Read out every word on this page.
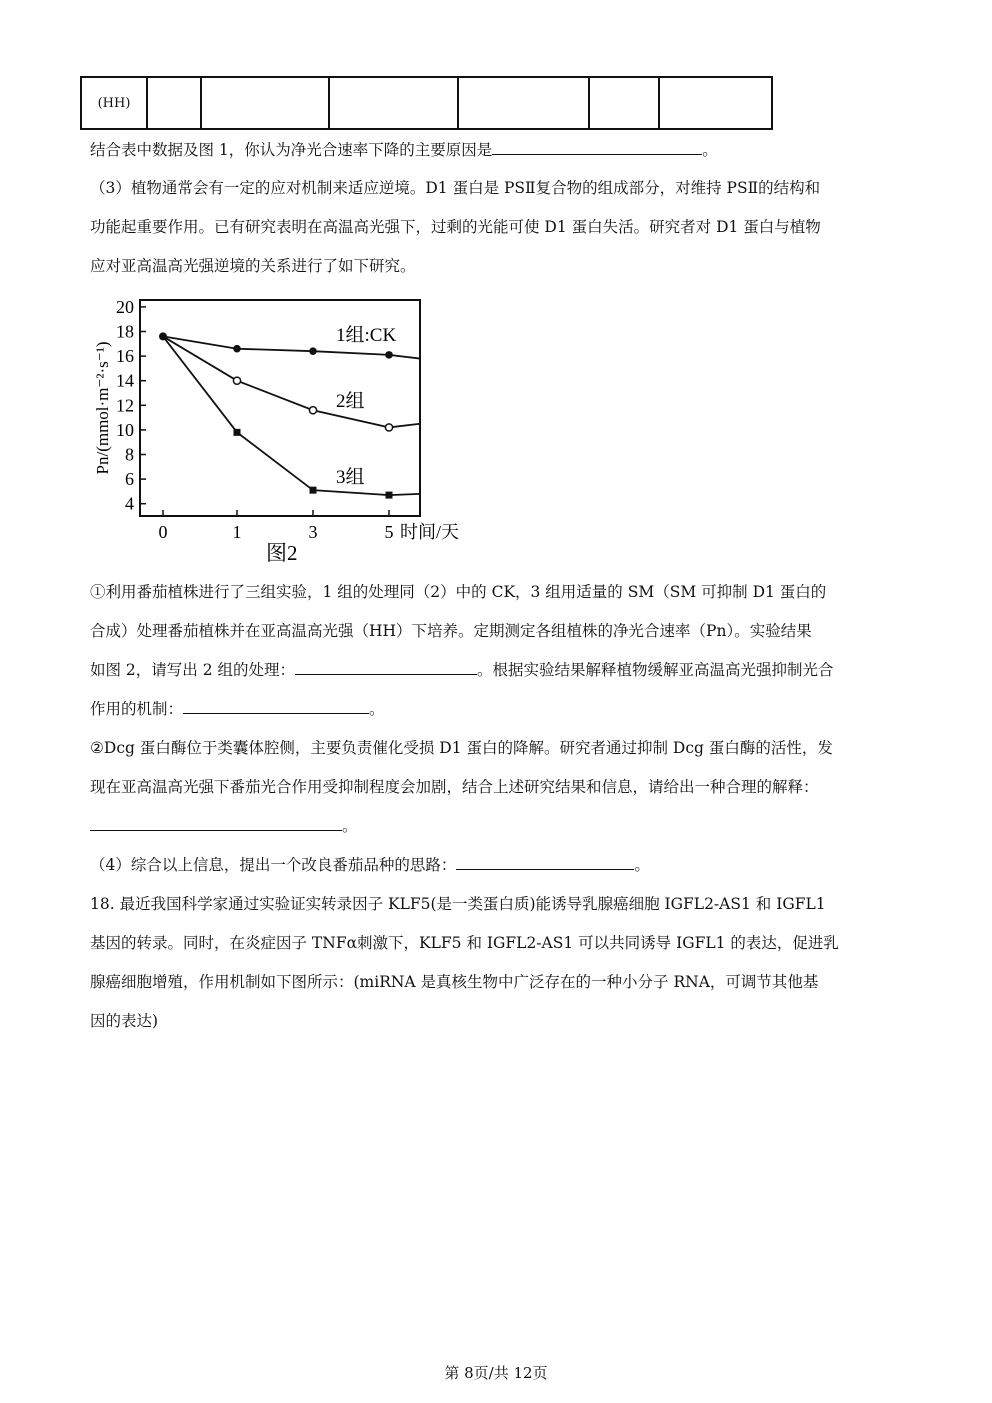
(HH)						
结合表中数据及图 1，你认为净光合速率下降的主要原因是	。
（3）植物通常会有一定的应对机制来适应逆境。D1 蛋白是 PSⅡ复合物的组成部分，对维持 PSⅡ的结构和
功能起重要作用。已有研究表明在高温高光强下，过剩的光能可使 D1 蛋白失活。研究者对 D1 蛋白与植物
应对亚高温高光强逆境的关系进行了如下研究。
4
6
8
10
12
14
16
18
20
0	1	3	5
1组:CK
2组
3组
Pn/(mmol·m⁻²·s⁻¹)
时间/天
图2
①利用番茄植株进行了三组实验，1 组的处理同（2）中的 CK，3 组用适量的 SM（SM 可抑制 D1 蛋白的
合成）处理番茄植株并在亚高温高光强（HH）下培养。定期测定各组植株的净光合速率（Pn）。实验结果
如图 2，请写出 2 组的处理：	。根据实验结果解释植物缓解亚高温高光强抑制光合
作用的机制：	。
②Dcg 蛋白酶位于类囊体腔侧，主要负责催化受损 D1 蛋白的降解。研究者通过抑制 Dcg 蛋白酶的活性，发
现在亚高温高光强下番茄光合作用受抑制程度会加剧，结合上述研究结果和信息，请给出一种合理的解释：
。
（4）综合以上信息，提出一个改良番茄品种的思路：	。
18. 最近我国科学家通过实验证实转录因子 KLF5(是一类蛋白质)能诱导乳腺癌细胞 IGFL2-AS1 和 IGFL1
基因的转录。同时，在炎症因子 TNFα刺激下，KLF5 和 IGFL2-AS1 可以共同诱导 IGFL1 的表达，促进乳
腺癌细胞增殖，作用机制如下图所示：(miRNA 是真核生物中广泛存在的一种小分子 RNA，可调节其他基
因的表达)
第 8页/共 12页
